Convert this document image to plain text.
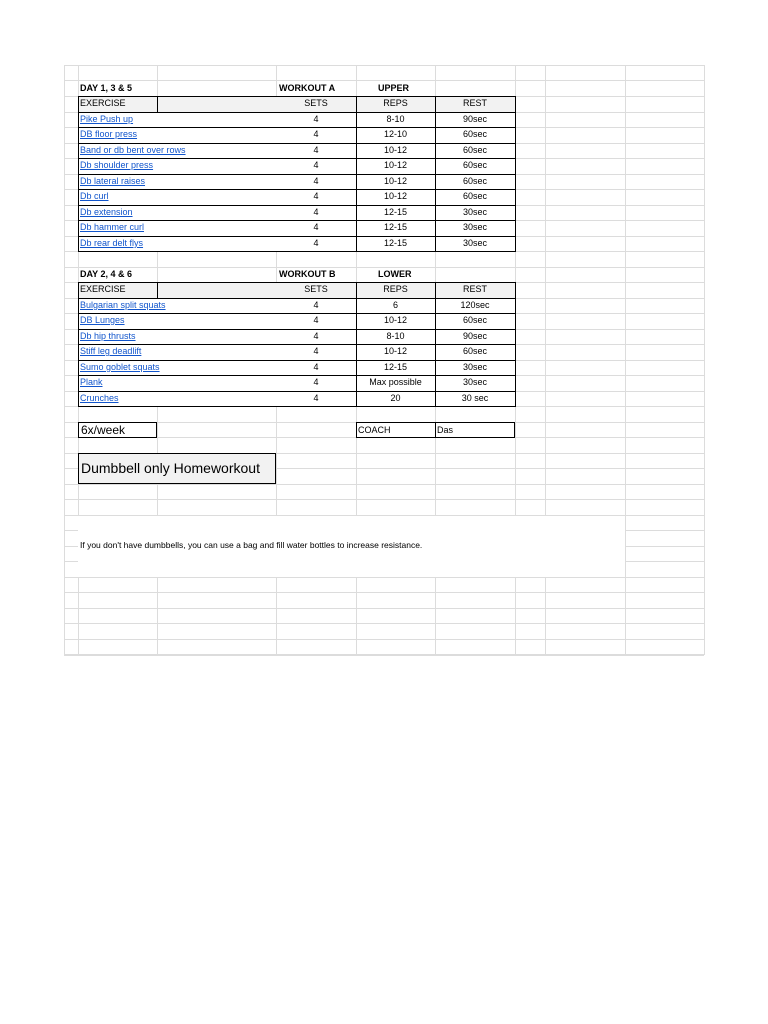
DAY 1, 3 & 5	WORKOUT A	UPPER
EXERCISE	SETS	REPS	REST
Pike Push up	4	8-10	90sec
DB floor press	4	12-10	60sec
Band or db bent over rows	4	10-12	60sec
Db shoulder press	4	10-12	60sec
Db lateral raises	4	10-12	60sec
Db curl	4	10-12	60sec
Db extension	4	12-15	30sec
Db hammer curl	4	12-15	30sec
Db rear delt flys	4	12-15	30sec
DAY 2, 4 & 6	WORKOUT B	LOWER
EXERCISE	SETS	REPS	REST
Bulgarian split squats	4	6	120sec
DB Lunges	4	10-12	60sec
Db hip thrusts	4	8-10	90sec
Stiff leg deadlift	4	10-12	60sec
Sumo goblet squats	4	12-15	30sec
Plank	4	Max possible	30sec
Crunches	4	20	30 sec
6x/week	COACH	Das
Dumbbell only Homeworkout
If you don't have dumbbells, you can use a bag and fill water bottles to increase resistance.
